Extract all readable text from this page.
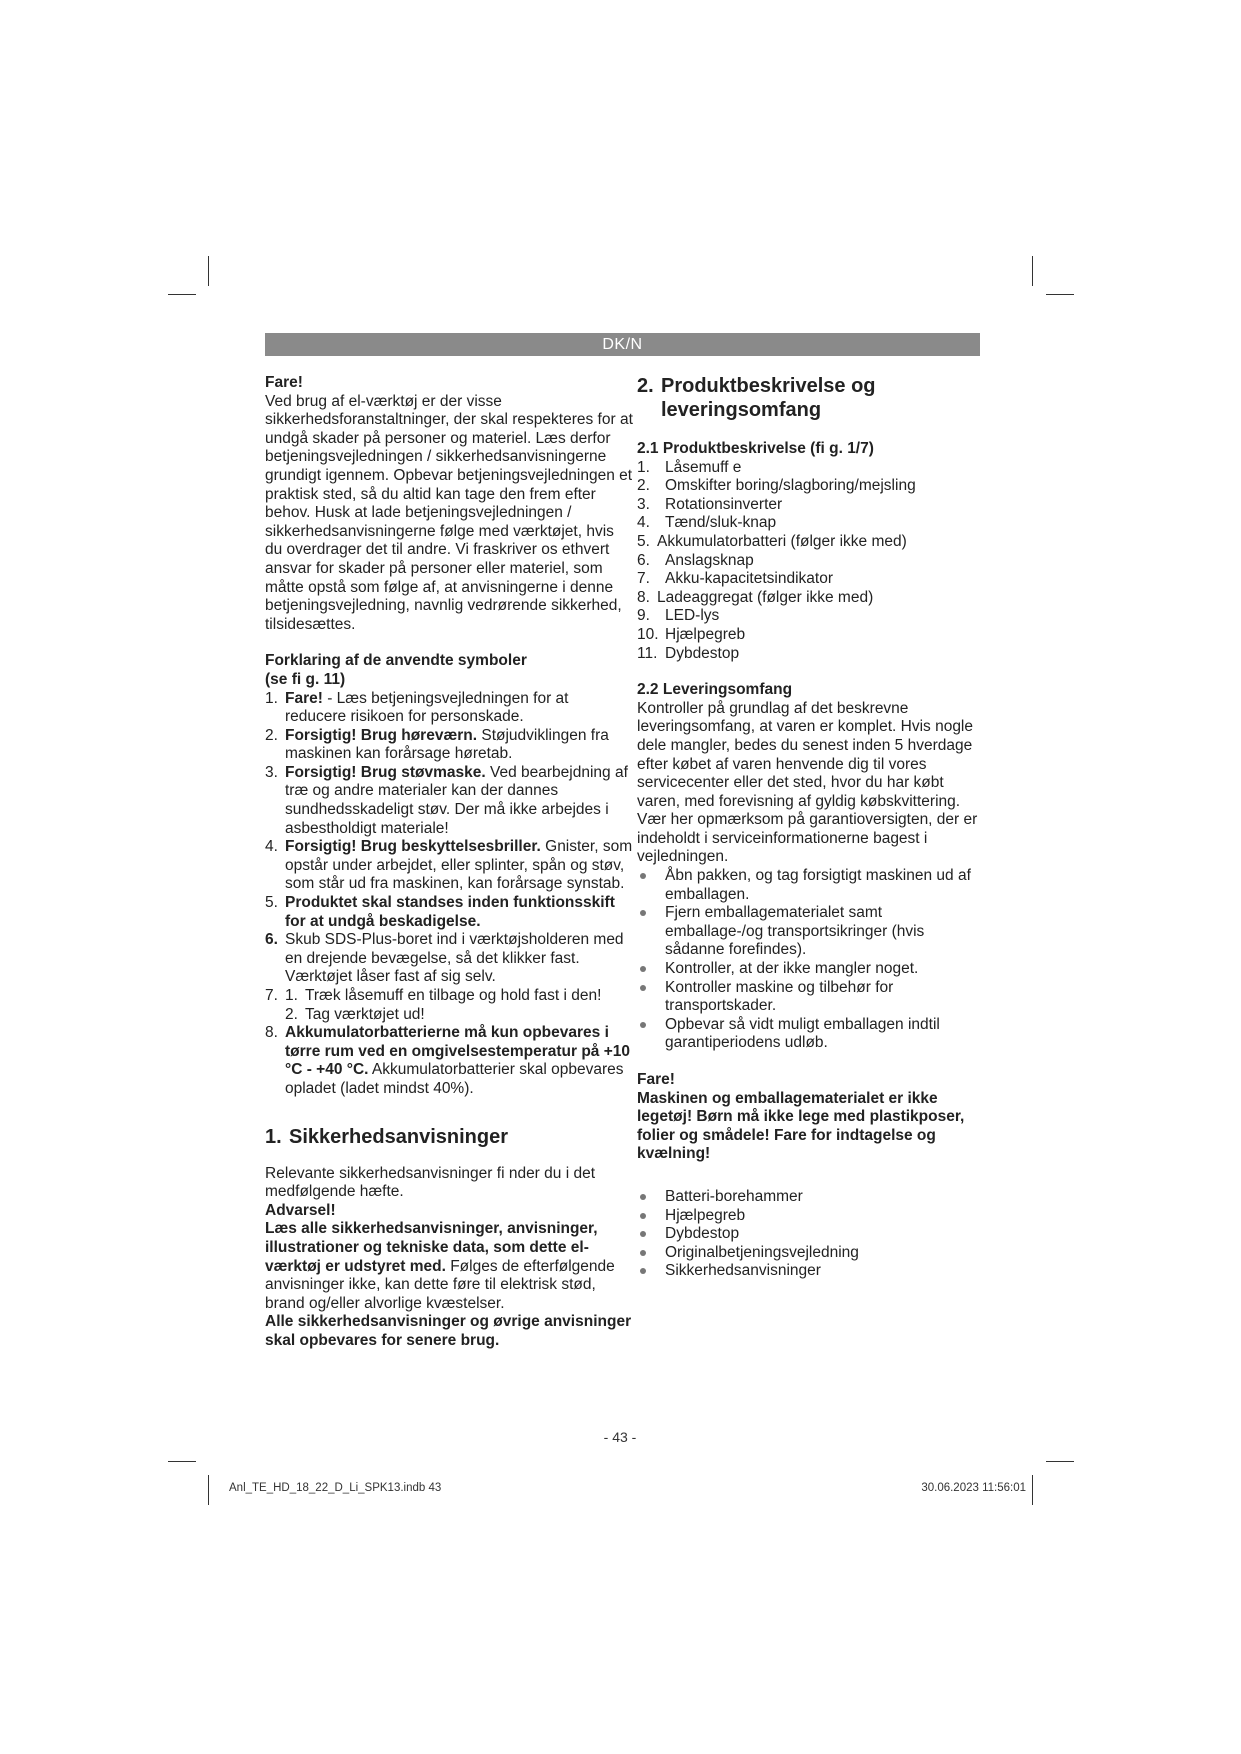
DK/N

Fare!

Ved brug af el-værktøj er der visse sikkerhedsforanstaltninger, der skal respekteres for at undgå skader på personer og materiel. Læs derfor betjeningsvejledningen / sikkerhedsanvisningerne grundigt igennem. Opbevar betjeningsvejledningen et praktisk sted, så du altid kan tage den frem efter behov. Husk at lade betjeningsvejledningen / sikkerhedsanvisningerne følge med værktøjet, hvis du overdrager det til andre. Vi fraskriver os ethvert ansvar for skader på personer eller materiel, som måtte opstå som følge af, at anvisningerne i denne betjeningsvejledning, navnlig vedrørende sikkerhed, tilsidesættes.

Forklaring af de anvendte symboler

(se fi g. 11)

1. Fare! - Læs betjeningsvejledningen for at reducere risikoen for personskade.
2. Forsigtig! Brug høreværn. Støjudviklingen fra maskinen kan forårsage høretab.
3. Forsigtig! Brug støvmaske. Ved bearbejdning af træ og andre materialer kan der dannes sundhedsskadeligt støv. Der må ikke arbejdes i asbestholdigt materiale!
4. Forsigtig! Brug beskyttelsesbriller. Gnister, som opstår under arbejdet, eller splinter, spån og støv, som står ud fra maskinen, kan forårsage synstab.
5. Produktet skal standses inden funktionsskift for at undgå beskadigelse.
6. Skub SDS-Plus-boret ind i værktøjsholderen med en drejende bevægelse, så det klikker fast. Værktøjet låser fast af sig selv.
7. 1. Træk låsemuff en tilbage og hold fast i den!
2. Tag værktøjet ud!
8. Akkumulatorbatterierne må kun opbevares i tørre rum ved en omgivelsestemperatur på +10 °C - +40 °C. Akkumulatorbatterier skal opbevares opladet (ladet mindst 40%).

1. Sikkerhedsanvisninger

Relevante sikkerhedsanvisninger fi nder du i det medfølgende hæfte.

Advarsel!

Læs alle sikkerhedsanvisninger, anvisninger, illustrationer og tekniske data, som dette el-værktøj er udstyret med. Følges de efterfølgende anvisninger ikke, kan dette føre til elektrisk stød, brand og/eller alvorlige kvæstelser.

Alle sikkerhedsanvisninger og øvrige anvisninger skal opbevares for senere brug.

2. Produktbeskrivelse og

leveringsomfang

2.1 Produktbeskrivelse (fi g. 1/7)

1. Låsemuff e
2. Omskifter boring/slagboring/mejsling
3. Rotationsinverter
4. Tænd/sluk-knap
5. Akkumulatorbatteri (følger ikke med)
6. Anslagsknap
7. Akku-kapacitetsindikator
8. Ladeaggregat (følger ikke med)
9. LED-lys
10. Hjælpegreb
11. Dybdestop

2.2 Leveringsomfang

Kontroller på grundlag af det beskrevne leveringsomfang, at varen er komplet. Hvis nogle dele mangler, bedes du senest inden 5 hverdage efter købet af varen henvende dig til vores servicecenter eller det sted, hvor du har købt varen, med forevisning af gyldig købskvittering. Vær her opmærksom på garantioversigten, der er indeholdt i serviceinformationerne bagest i vejledningen.

Åbn pakken, og tag forsigtigt maskinen ud af emballagen.
Fjern emballagematerialet samt emballage-/og transportsikringer (hvis sådanne forefindes).
Kontroller, at der ikke mangler noget.
Kontroller maskine og tilbehør for transportskader.
Opbevar så vidt muligt emballagen indtil garantiperiodens udløb.

Fare!

Maskinen og emballagematerialet er ikke legetøj! Børn må ikke lege med plastikposer, folier og smådele! Fare for indtagelse og kvælning!

Batteri-borehammer
Hjælpegreb
Dybdestop
Originalbetjeningsvejledning
Sikkerhedsanvisninger
- 43 -
Anl_TE_HD_18_22_D_Li_SPK13.indb 43	30.06.2023 11:56:01
